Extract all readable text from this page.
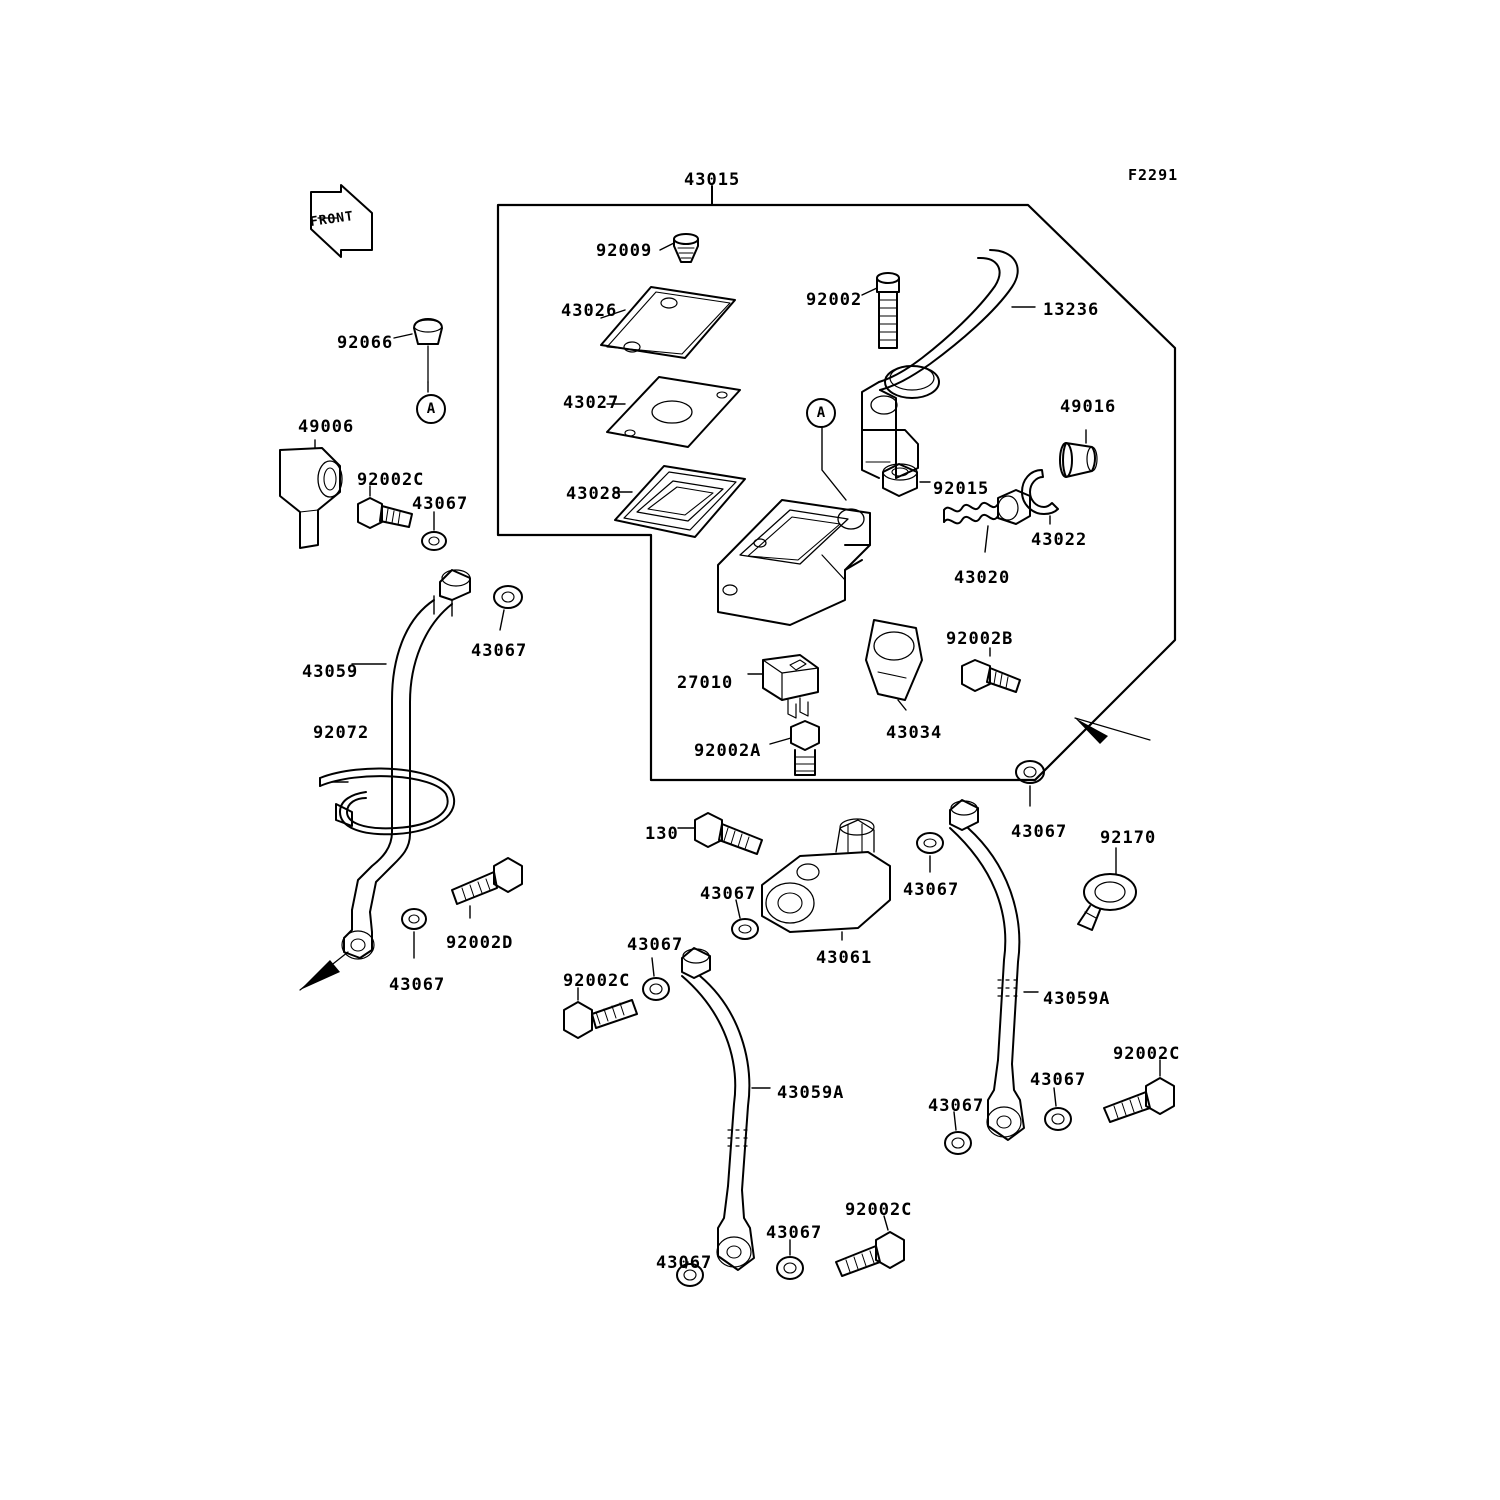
F2291
FRONT
43015
92009
43026
92002	13236
92066
43027	49016
49006
92002C
43067	43028	92015
43022
43020
43067
92002B
43059
27010
43034
92072
92002A
43067
130	92170
43067	43067
92002D
43061
43067
43067	92002C
43059A
92002C
43067
43059A
43067
92002C
43067
43067
A	A
